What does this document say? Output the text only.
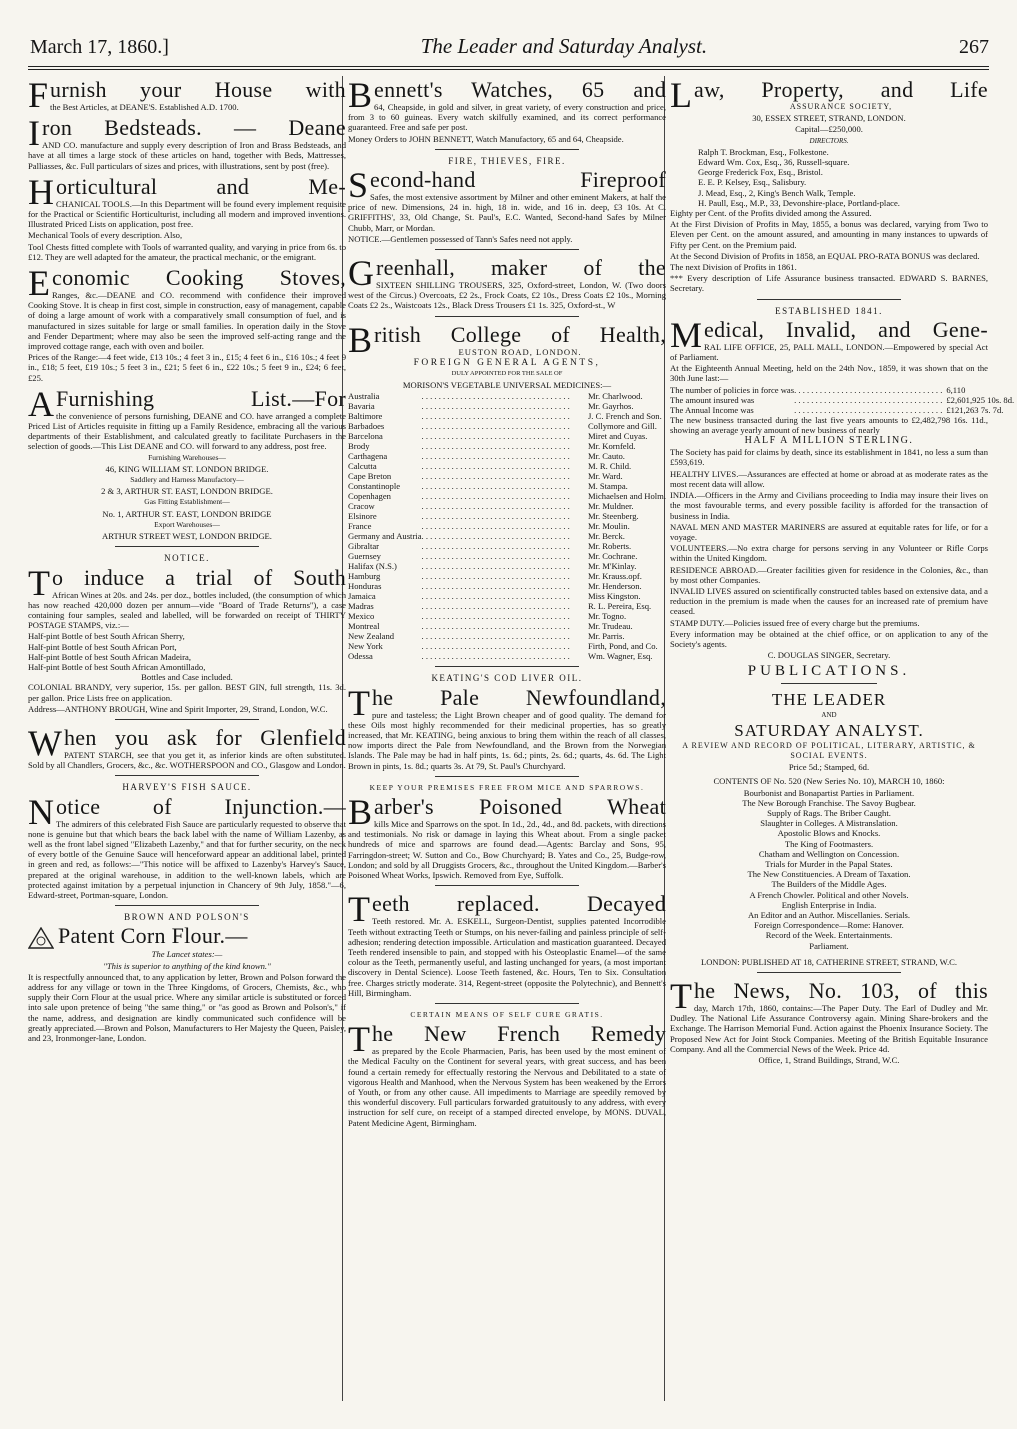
March 17, 1860.]	The Leader and Saturday Analyst.	267
F urnish your House with

the Best Articles, at DEANE'S. Established A.D. 1700.

I ron Bedsteads. — Deane

AND CO. manufacture and supply every description of Iron and Brass Bedsteads, and have at all times a large stock of these articles on hand, together with Beds, Mattresses, Palliasses, &c. Full particulars of sizes and prices, with illustrations, sent by post (free).

H orticultural and Me-

CHANICAL TOOLS.—In this Department will be found every implement requisite for the Practical or Scientific Horticulturist, including all modern and improved inventions. Illustrated Priced Lists on application, post free.

Mechanical Tools of every description. Also,

Tool Chests fitted complete with Tools of warranted quality, and varying in price from 6s. to £12. They are well adapted for the amateur, the practical mechanic, or the emigrant.

E conomic Cooking Stoves,

Ranges, &c.—DEANE and CO. recommend with confidence their improved Cooking Stove. It is cheap in first cost, simple in construction, easy of management, capable of doing a large amount of work with a comparatively small consumption of fuel, and is manufactured in sizes suitable for large or small families. In operation daily in the Stove and Fender Department; where may also be seen the improved self-acting range and the improved cottage range, each with oven and boiler.

Prices of the Range:—4 feet wide, £13 10s.; 4 feet 3 in., £15; 4 feet 6 in., £16 10s.; 4 feet 9 in., £18; 5 feet, £19 10s.; 5 feet 3 in., £21; 5 feet 6 in., £22 10s.; 5 feet 9 in., £24; 6 feet, £25.

A Furnishing List.—For

the convenience of persons furnishing, DEANE and CO. have arranged a complete Priced List of Articles requisite in fitting up a Family Residence, embracing all the various departments of their Establishment, and calculated greatly to facilitate Purchasers in the selection of goods.—This List DEANE and CO. will forward to any address, post free.

Furnishing Warehouses—

46, KING WILLIAM ST. LONDON BRIDGE.

Saddlery and Harness Manufactory—

2 & 3, ARTHUR ST. EAST, LONDON BRIDGE.

Gas Fitting Establishment—

No. 1, ARTHUR ST. EAST, LONDON BRIDGE

Export Warehouses—

ARTHUR STREET WEST, LONDON BRIDGE.

NOTICE.
T o induce a trial of South

African Wines at 20s. and 24s. per doz., bottles included, (the consumption of which has now reached 420,000 dozen per annum—vide "Board of Trade Returns"), a case containing four samples, sealed and labelled, will be forwarded on receipt of THIRTY POSTAGE STAMPS, viz.:—

Half-pint Bottle of best South African Sherry,

Half-pint Bottle of best South African Port,

Half-pint Bottle of best South African Madeira,

Half-pint Bottle of best South African Amontillado,

Bottles and Case included.

COLONIAL BRANDY, very superior, 15s. per gallon. BEST GIN, full strength, 11s. 3d. per gallon. Price Lists free on application.

Address—ANTHONY BROUGH, Wine and Spirit Importer, 29, Strand, London, W.C.

W hen you ask for Glenfield

PATENT STARCH, see that you get it, as inferior kinds are often substituted. Sold by all Chandlers, Grocers, &c., &c. WOTHERSPOON and CO., Glasgow and London.

HARVEY'S FISH SAUCE.
N otice of Injunction.—

The admirers of this celebrated Fish Sauce are particularly requested to observe that none is genuine but that which bears the back label with the name of William Lazenby, as well as the front label signed "Elizabeth Lazenby," and that for further security, on the neck of every bottle of the Genuine Sauce will henceforward appear an additional label, printed in green and red, as follows:—"This notice will be affixed to Lazenby's Harvey's Sauce, prepared at the original warehouse, in addition to the well-known labels, which are protected against imitation by a perpetual injunction in Chancery of 9th July, 1858."—6, Edward-street, Portman-square, London.

BROWN AND POLSON'S
Patent Corn Flour.—

The Lancet states:—

"This is superior to anything of the kind known."

It is respectfully announced that, to any application by letter, Brown and Polson forward the address for any village or town in the Three Kingdoms, of Grocers, Chemists, &c., who supply their Corn Flour at the usual price. Where any similar article is substituted or forced into sale upon pretence of being "the same thing," or "as good as Brown and Polson's," if the name, address, and designation are kindly communicated such confidence will be greatly appreciated.—Brown and Polson, Manufacturers to Her Majesty the Queen, Paisley, and 23, Ironmonger-lane, London.

B ennett's Watches, 65 and

64, Cheapside, in gold and silver, in great variety, of every construction and price, from 3 to 60 guineas. Every watch skilfully examined, and its correct performance guaranteed. Free and safe per post.

Money Orders to JOHN BENNETT, Watch Manufactory, 65 and 64, Cheapside.

FIRE, THIEVES, FIRE.
S econd-hand Fireproof

Safes, the most extensive assortment by Milner and other eminent Makers, at half the price of new. Dimensions, 24 in. high, 18 in. wide, and 16 in. deep, £3 10s. At C. GRIFFITHS', 33, Old Change, St. Paul's, E.C. Wanted, Second-hand Safes by Milner Chubb, Marr, or Mordan.

NOTICE.—Gentlemen possessed of Tann's Safes need not apply.

G reenhall, maker of the

SIXTEEN SHILLING TROUSERS, 325, Oxford-street, London, W. (Two doors west of the Circus.) Overcoats, £2 2s., Frock Coats, £2 10s., Dress Coats £2 10s., Morning Coats £2 2s., Waistcoats 12s., Black Dress Trousers £1 1s. 325, Oxford-st., W

B ritish College of Health,

EUSTON ROAD, LONDON.

FOREIGN GENERAL AGENTS,

DULY APPOINTED FOR THE SALE OF

MORISON'S VEGETABLE UNIVERSAL MEDICINES:—

Australia	. . .	Mr. Charlwood.
Bavaria	. . .	Mr. Gayrhos.
Baltimore	. . .	J. C. French and Son.
Barbadoes	. . .	Collymore and Gill.
Barcelona	. . .	Miret and Cuyas.
Brody	. . .	Mr. Kornfeld.
Carthagena	. . .	Mr. Cauto.
Calcutta	. . .	M. R. Child.
Cape Breton	. . .	Mr. Ward.
Constantinople	. . .	M. Stampa.
Copenhagen	. . .	Michaelsen and Holm.
Cracow	. . .	Mr. Muldner.
Elsinore	. . .	Mr. Steenberg.
France	. . .	Mr. Moulin.
Germany and Austria	. . .	Mr. Berck.
Gibraltar	. . .	Mr. Roberts.
Guernsey	. . .	Mr. Cochrane.
Halifax (N.S.)	. . .	Mr. M'Kinlay.
Hamburg	. . .	Mr. Krauss.opf.
Honduras	. . .	Mr. Henderson.
Jamaica	. . .	Miss Kingston.
Madras	. . .	R. L. Pereira, Esq.
Mexico	. . .	Mr. Togno.
Montreal	. . .	Mr. Trudeau.
New Zealand	. . .	Mr. Parris.
New York	. . .	Firth, Pond, and Co.
Odessa	. . .	Wm. Wagner, Esq.
KEATING'S COD LIVER OIL.
T he Pale Newfoundland,

pure and tasteless; the Light Brown cheaper and of good quality. The demand for these Oils most highly recommended for their medicinal properties, has so greatly increased, that Mr. KEATING, being anxious to bring them within the reach of all classes, now imports direct the Pale from Newfoundland, and the Brown from the Norwegian Islands. The Pale may be had in half pints, 1s. 6d.; pints, 2s. 6d.; quarts, 4s. 6d. The Light Brown in pints, 1s. 8d.; quarts 3s. At 79, St. Paul's Churchyard.

KEEP YOUR PREMISES FREE FROM MICE AND SPARROWS.
B arber's Poisoned Wheat

kills Mice and Sparrows on the spot. In 1d., 2d., 4d., and 8d. packets, with directions and testimonials. No risk or damage in laying this Wheat about. From a single packet hundreds of mice and sparrows are found dead.—Agents: Barclay and Sons, 95, Farringdon-street; W. Sutton and Co., Bow Churchyard; B. Yates and Co., 25, Budge-row, London; and sold by all Druggists Grocers, &c., throughout the United Kingdom.—Barber's Poisoned Wheat Works, Ipswich. Removed from Eye, Suffolk.

T eeth replaced. Decayed

Teeth restored. Mr. A. ESKELL, Surgeon-Dentist, supplies patented Incorrodible Teeth without extracting Teeth or Stumps, on his never-failing and painless principle of self-adhesion; rendering detection impossible. Articulation and mastication guaranteed. Decayed Teeth rendered insensible to pain, and stopped with his Osteoplastic Enamel—of the same colour as the Teeth, permanently useful, and lasting unchanged for years, (a most important discovery in Dental Science). Loose Teeth fastened, &c. Hours, Ten to Six. Consultation free. Charges strictly moderate. 314, Regent-street (opposite the Polytechnic), and Bennett's Hill, Birmingham.

CERTAIN MEANS OF SELF CURE GRATIS.
T he New French Remedy

as prepared by the Ecole Pharmacien, Paris, has been used by the most eminent of the Medical Faculty on the Continent for several years, with great success, and has been found a certain remedy for effectually restoring the Nervous and Debilitated to a state of vigorous Health and Manhood, when the Nervous System has been weakened by the Errors of Youth, or from any other cause. All impediments to Marriage are speedily removed by this wonderful discovery. Full particulars forwarded gratuitously to any address, with every instruction for self cure, on receipt of a stamped directed envelope, by MONS. DUVAL, Patent Medicine Agent, Birmingham.

L aw, Property, and Life

ASSURANCE SOCIETY,

30, ESSEX STREET, STRAND, LONDON.

Capital—£250,000.

DIRECTORS.

Ralph T. Brockman, Esq., Folkestone.

Edward Wm. Cox, Esq., 36, Russell-square.

George Frederick Fox, Esq., Bristol.

E. E. P. Kelsey, Esq., Salisbury.

J. Mead, Esq., 2, King's Bench Walk, Temple.

H. Paull, Esq., M.P., 33, Devonshire-place, Portland-place.

Eighty per Cent. of the Profits divided among the Assured.

At the First Division of Profits in May, 1855, a bonus was declared, varying from Two to Eleven per Cent. on the amount assured, and amounting in many instances to upwards of Fifty per Cent. on the Premium paid.

At the Second Division of Profits in 1858, an EQUAL PRO-RATA BONUS was declared.

The next Division of Profits in 1861.

*** Every description of Life Assurance business transacted. EDWARD S. BARNES, Secretary.

ESTABLISHED 1841.
M edical, Invalid, and Gene-

RAL LIFE OFFICE, 25, PALL MALL, LONDON.—Empowered by special Act of Parliament.

At the Eighteenth Annual Meeting, held on the 24th Nov., 1859, it was shown that on the 30th June last:—

The number of policies in force was	. . .	6,110
The amount insured was	. . .	£2,601,925 10s. 8d.
The Annual Income was	. . .	£121,263 7s. 7d.

The new business transacted during the last five years amounts to £2,482,798 16s. 11d., showing an average yearly amount of new business of nearly

HALF A MILLION STERLING.

The Society has paid for claims by death, since its establishment in 1841, no less a sum than £593,619.

HEALTHY LIVES.—Assurances are effected at home or abroad at as moderate rates as the most recent data will allow.

INDIA.—Officers in the Army and Civilians proceeding to India may insure their lives on the most favourable terms, and every possible facility is afforded for the transaction of business in India.

NAVAL MEN AND MASTER MARINERS are assured at equitable rates for life, or for a voyage.

VOLUNTEERS.—No extra charge for persons serving in any Volunteer or Rifle Corps within the United Kingdom.

RESIDENCE ABROAD.—Greater facilities given for residence in the Colonies, &c., than by most other Companies.

INVALID LIVES assured on scientifically constructed tables based on extensive data, and a reduction in the premium is made when the causes for an increased rate of premium have ceased.

STAMP DUTY.—Policies issued free of every charge but the premiums.

Every information may be obtained at the chief office, or on application to any of the Society's agents.

C. DOUGLAS SINGER, Secretary.

PUBLICATIONS.

THE LEADER

AND

SATURDAY ANALYST.

A REVIEW AND RECORD OF POLITICAL, LITERARY, ARTISTIC, & SOCIAL EVENTS.

Price 5d.; Stamped, 6d.

CONTENTS OF No. 520 (New Series No. 10), MARCH 10, 1860:

Bourbonist and Bonapartist Parties in Parliament.

The New Borough Franchise. The Savoy Bugbear.

Supply of Rags. The Briber Caught.

Slaughter in Colleges. A Mistranslation.

Apostolic Blows and Knocks.

The King of Footmasters.

Chatham and Wellington on Concession.

Trials for Murder in the Papal States.

The New Constituencies. A Dream of Taxation.

The Builders of the Middle Ages.

A French Chowler. Political and other Novels.

English Enterprise in India.

An Editor and an Author. Miscellanies. Serials.

Foreign Correspondence—Rome: Hanover.

Record of the Week. Entertainments.

Parliament.

LONDON: PUBLISHED AT 18, CATHERINE STREET, STRAND, W.C.

T he News, No. 103, of this

day, March 17th, 1860, contains:—The Paper Duty. The Earl of Dudley and Mr. Dudley. The National Life Assurance Controversy again. Mining Share-brokers and the Exchange. The Harrison Memorial Fund. Action against the Phoenix Insurance Society. The Proposed New Act for Joint Stock Companies. Meeting of the British Equitable Insurance Company. And all the Commercial News of the Week. Price 4d.

Office, 1, Strand Buildings, Strand, W.C.
